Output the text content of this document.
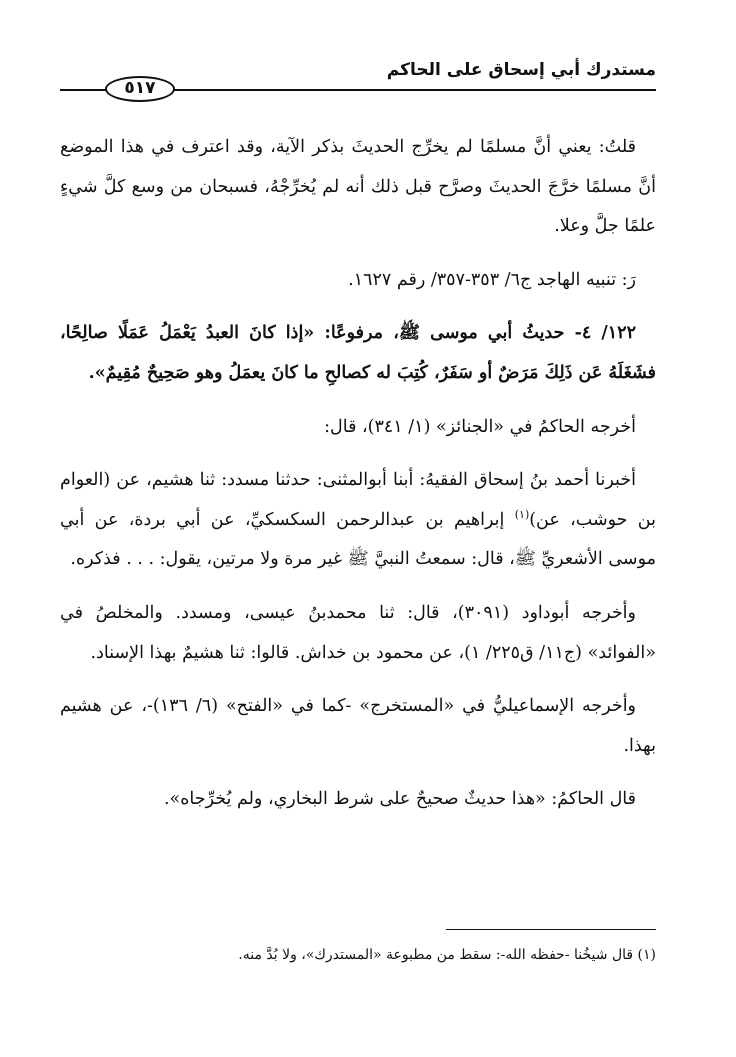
مستدرك أبي إسحاق على الحاكم
٥١٧

قلتُ: يعني أنَّ مسلمًا لم يخرِّج الحديثَ بذكر الآية، وقد اعترف في هذا الموضع أنَّ مسلمًا خرَّجَ الحديثَ وصرَّح قبل ذلك أنه لم يُخرِّجْهُ، فسبحان من وسع كلَّ شيءٍ علمًا جلَّ وعلا.

رَ: تنبيه الهاجد ج٦/ ٣٥٣-٣٥٧/ رقم ١٦٢٧.

١٢٢/ ٤- حديثُ أبي موسى ﷺ، مرفوعًا: «إذا كانَ العبدُ يَعْمَلُ عَمَلًا صالِحًا، فشَغَلَهُ عَن ذَلِكَ مَرَضٌ أو سَفَرٌ، كُتِبَ له كصالحِ ما كانَ يعمَلُ وهو صَحِيحٌ مُقِيمٌ».

أخرجه الحاكمُ في «الجنائز» (١/ ٣٤١)، قال:

أخبرنا أحمد بنُ إسحاق الفقيهُ: أبنا أبوالمثنى: حدثنا مسدد: ثنا هشيم، عن (العوام بن حوشب، عن)$^{(١)}$ إبراهيم بن عبدالرحمن السكسكيِّ، عن أبي بردة، عن أبي موسى الأشعريِّ ﷺ، قال: سمعتُ النبيَّ ﷺ غير مرة ولا مرتين، يقول: . . . فذكره.

وأخرجه أبوداود (٣٠٩١)، قال: ثنا محمدبنُ عيسى، ومسدد. والمخلصُ في «الفوائد» (ج١١/ ق٢٢٥/ ١)، عن محمود بن خداش. قالوا: ثنا هشيمٌ بهذا الإسناد.

وأخرجه الإسماعيليُّ في «المستخرج» -كما في «الفتح» (٦/ ١٣٦)-، عن هشيم بهذا.

قال الحاكمُ: «هذا حديثٌ صحيحٌ على شرط البخاري، ولم يُخرِّجاه».

(١) قال شيخُنا -حفظه الله-: سقط من مطبوعة «المستدرك»، ولا بُدَّ منه.
